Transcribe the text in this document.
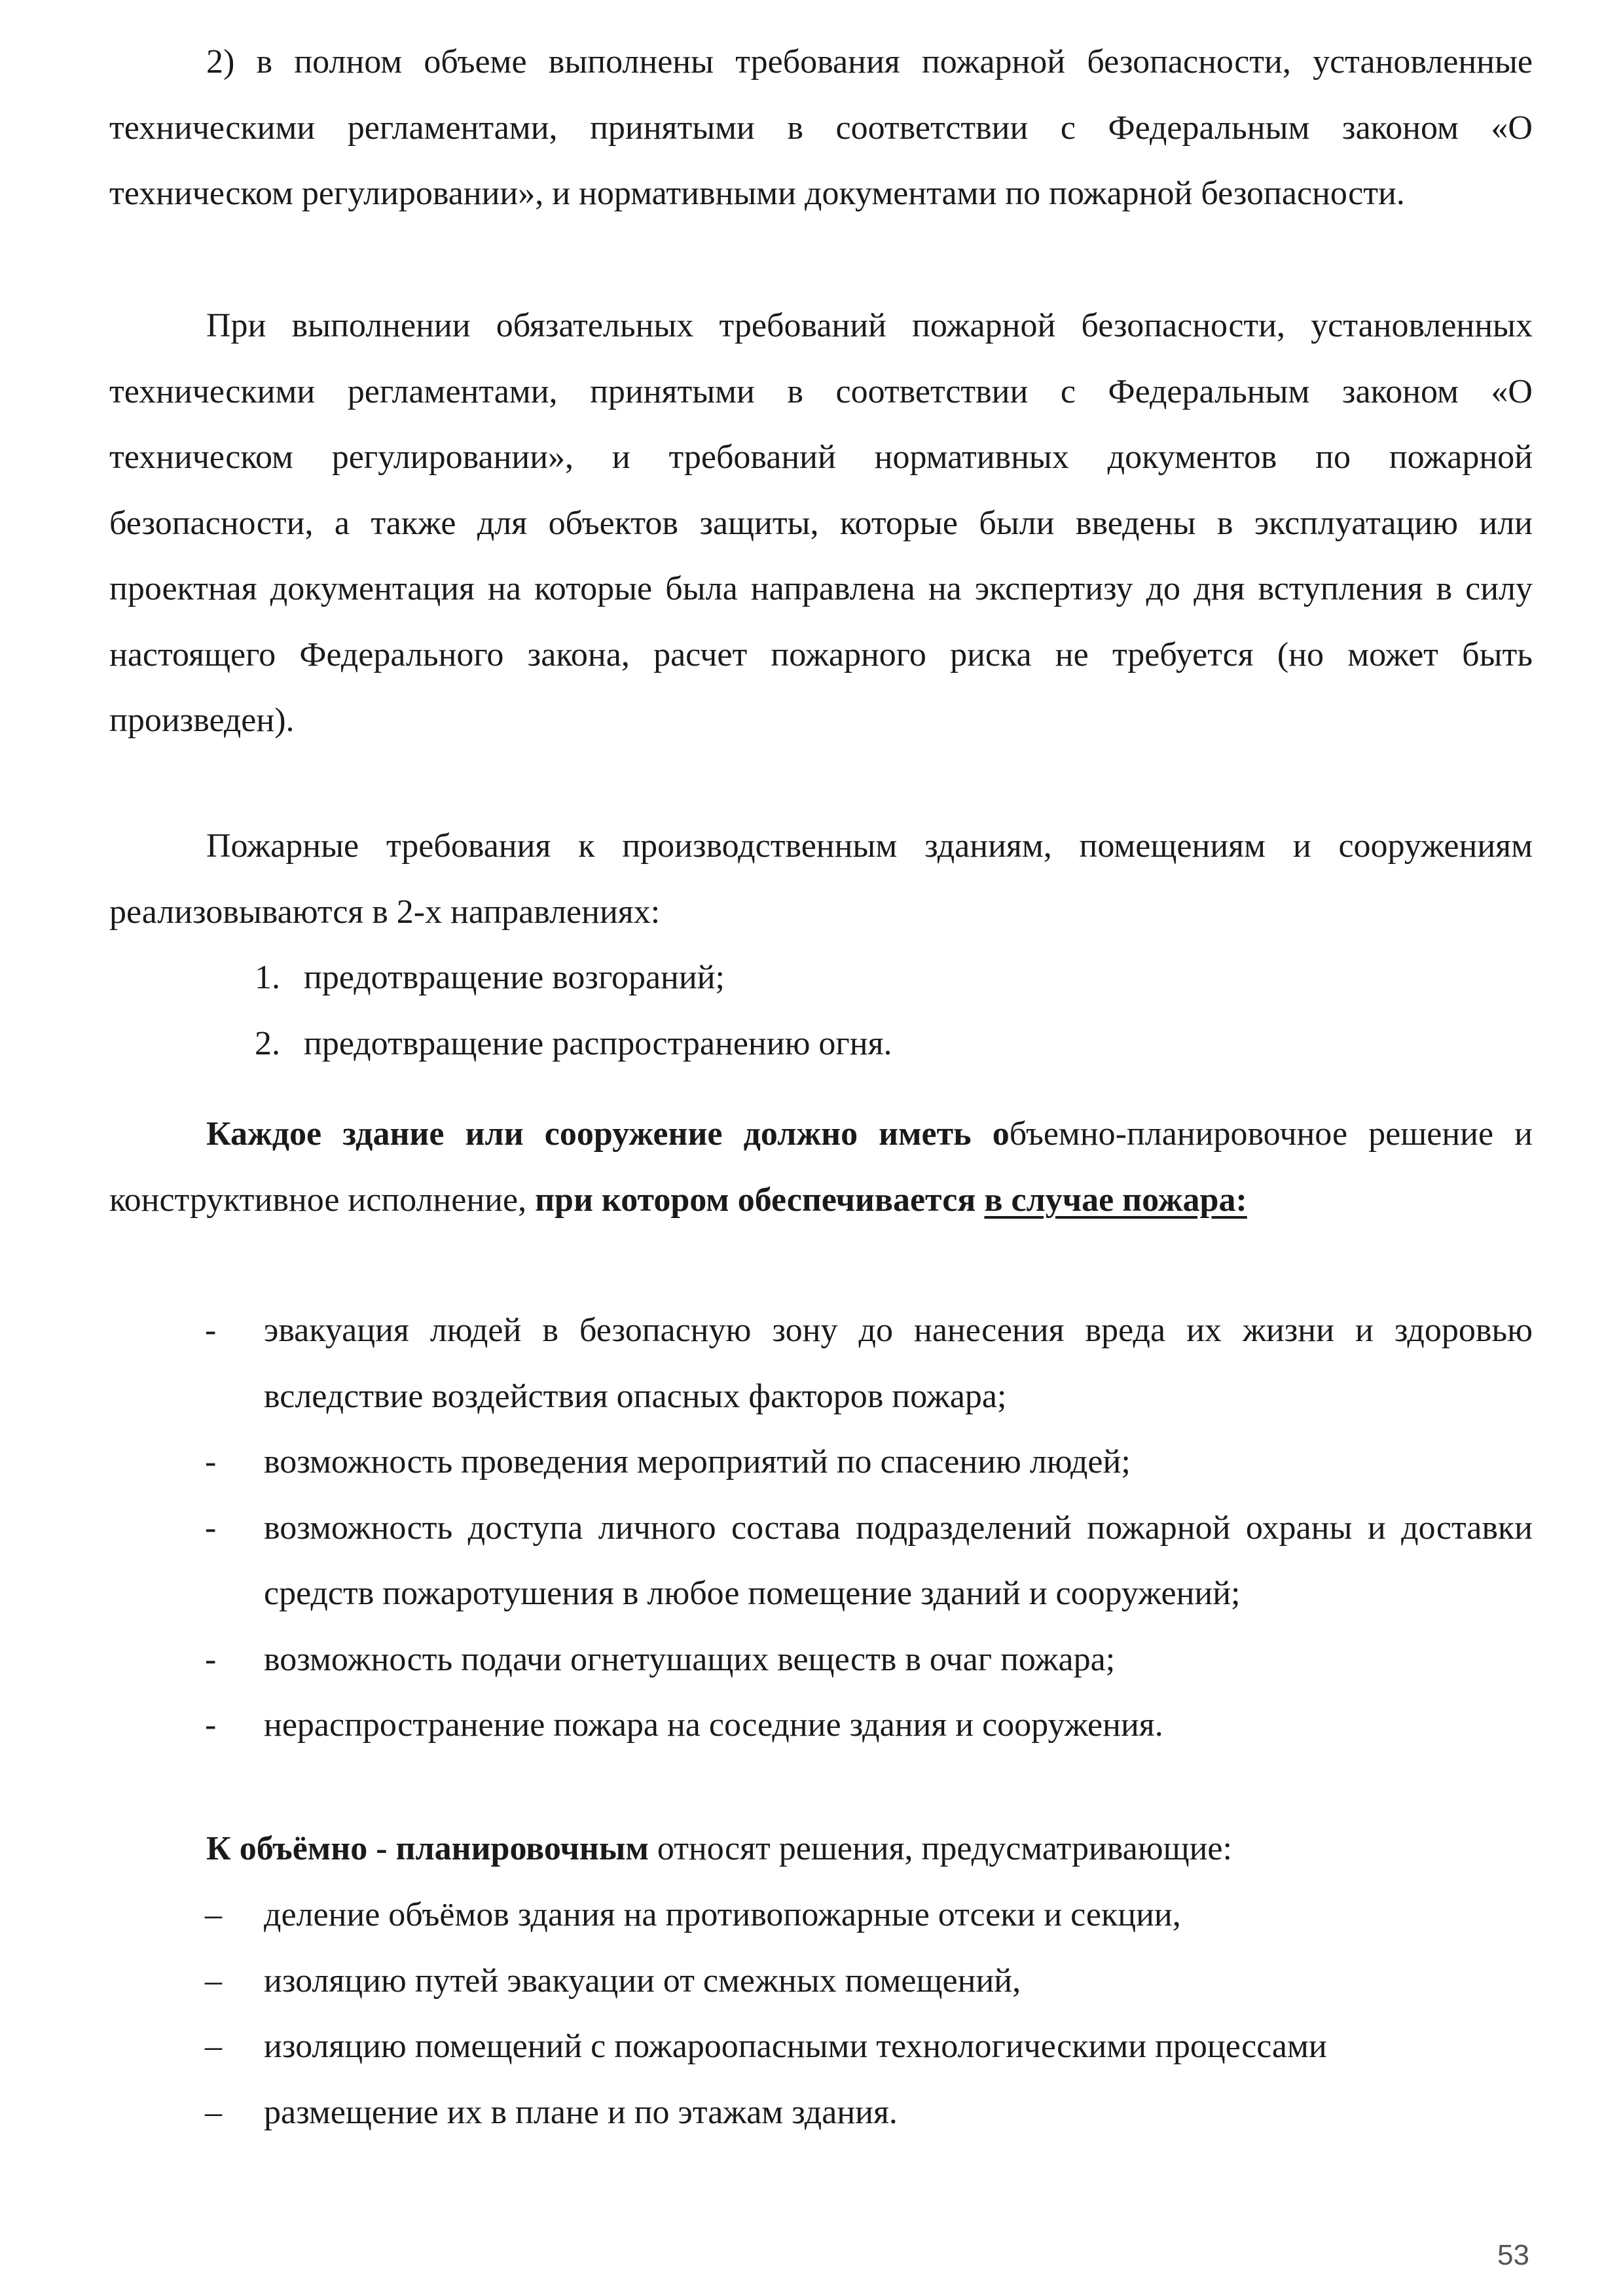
2) в полном объеме выполнены требования пожарной безопасности, установленные техническими регламентами, принятыми в соответствии с Федеральным законом «О техническом регулировании», и нормативными документами по пожарной безопасности.

При выполнении обязательных требований пожарной безопасности, установленных техническими регламентами, принятыми в соответствии с Федеральным законом «О техническом регулировании», и требований нормативных документов по пожарной безопасности, а также для объектов защиты, которые были введены в эксплуатацию или проектная документация на которые была направлена на экспертизу до дня вступления в силу настоящего Федерального закона, расчет пожарного риска не требуется (но может быть произведен).

Пожарные требования к производственным зданиям, помещениям и сооружениям реализовываются в 2-х направлениях:

1. предотвращение возгораний;
2. предотвращение распространению огня.

Каждое здание или сооружение должно иметь объемно-планировочное решение и конструктивное исполнение, при котором обеспечивается в случае пожара:

- эвакуация людей в безопасную зону до нанесения вреда их жизни и здоровью вследствие воздействия опасных факторов пожара;
- возможность проведения мероприятий по спасению людей;
- возможность доступа личного состава подразделений пожарной охраны и доставки средств пожаротушения в любое помещение зданий и сооружений;
- возможность подачи огнетушащих веществ в очаг пожара;
- нераспространение пожара на соседние здания и сооружения.

К объёмно - планировочным относят решения, предусматривающие:

– деление объёмов здания на противопожарные отсеки и секции,
– изоляцию путей эвакуации от смежных помещений,
– изоляцию помещений с пожароопасными технологическими процессами
– размещение их в плане и по этажам здания.
53
